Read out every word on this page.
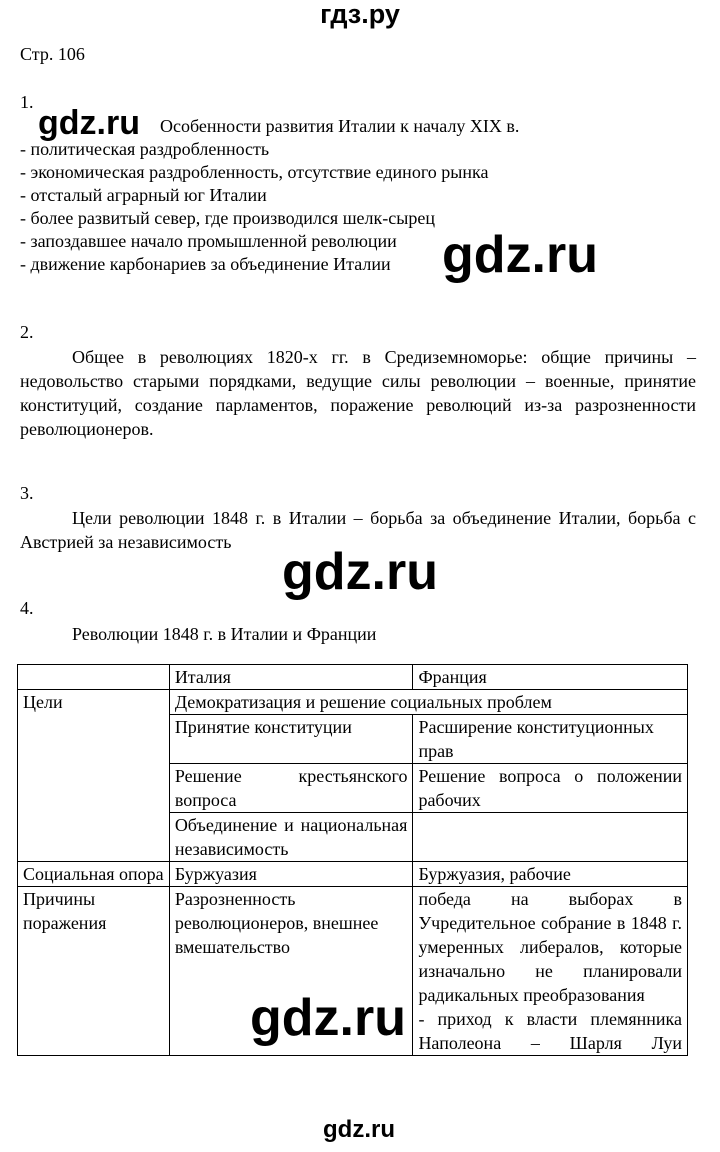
гдз.ру
Стр. 106
1.
Особенности развития Италии к началу XIX в.
- политическая раздробленность
- экономическая раздробленность, отсутствие единого рынка
- отсталый аграрный юг Италии
- более развитый север, где производился шелк-сырец
- запоздавшее начало промышленной революции
- движение карбонариев за объединение Италии
2.
Общее в революциях 1820-х гг. в Средиземноморье: общие причины – недовольство старыми порядками, ведущие силы революции – военные, принятие конституций, создание парламентов, поражение революций из-за разрозненности революционеров.
3.
Цели революции 1848 г. в Италии – борьба за объединение Италии, борьба с Австрией за независимость
4.
Революции 1848 г. в Италии и Франции
	Италия	Франция
Цели	Демократизация и решение социальных проблем	
	Принятие конституции	Расширение конституционных прав
	Решение крестьянского вопроса	Решение вопроса о положении рабочих
	Объединение и национальная независимость	
Социальная опора	Буржуазия	Буржуазия, рабочие
Причины поражения	Разрозненность революционеров, внешнее вмешательство	победа на выборах в Учредительное собрание в 1848 г. умеренных либералов, которые изначально не планировали радикальных преобразования
- приход к власти племянника Наполеона – Шарля Луи
gdz.ru
gdz.ru
gdz.ru
gdz.ru
gdz.ru
